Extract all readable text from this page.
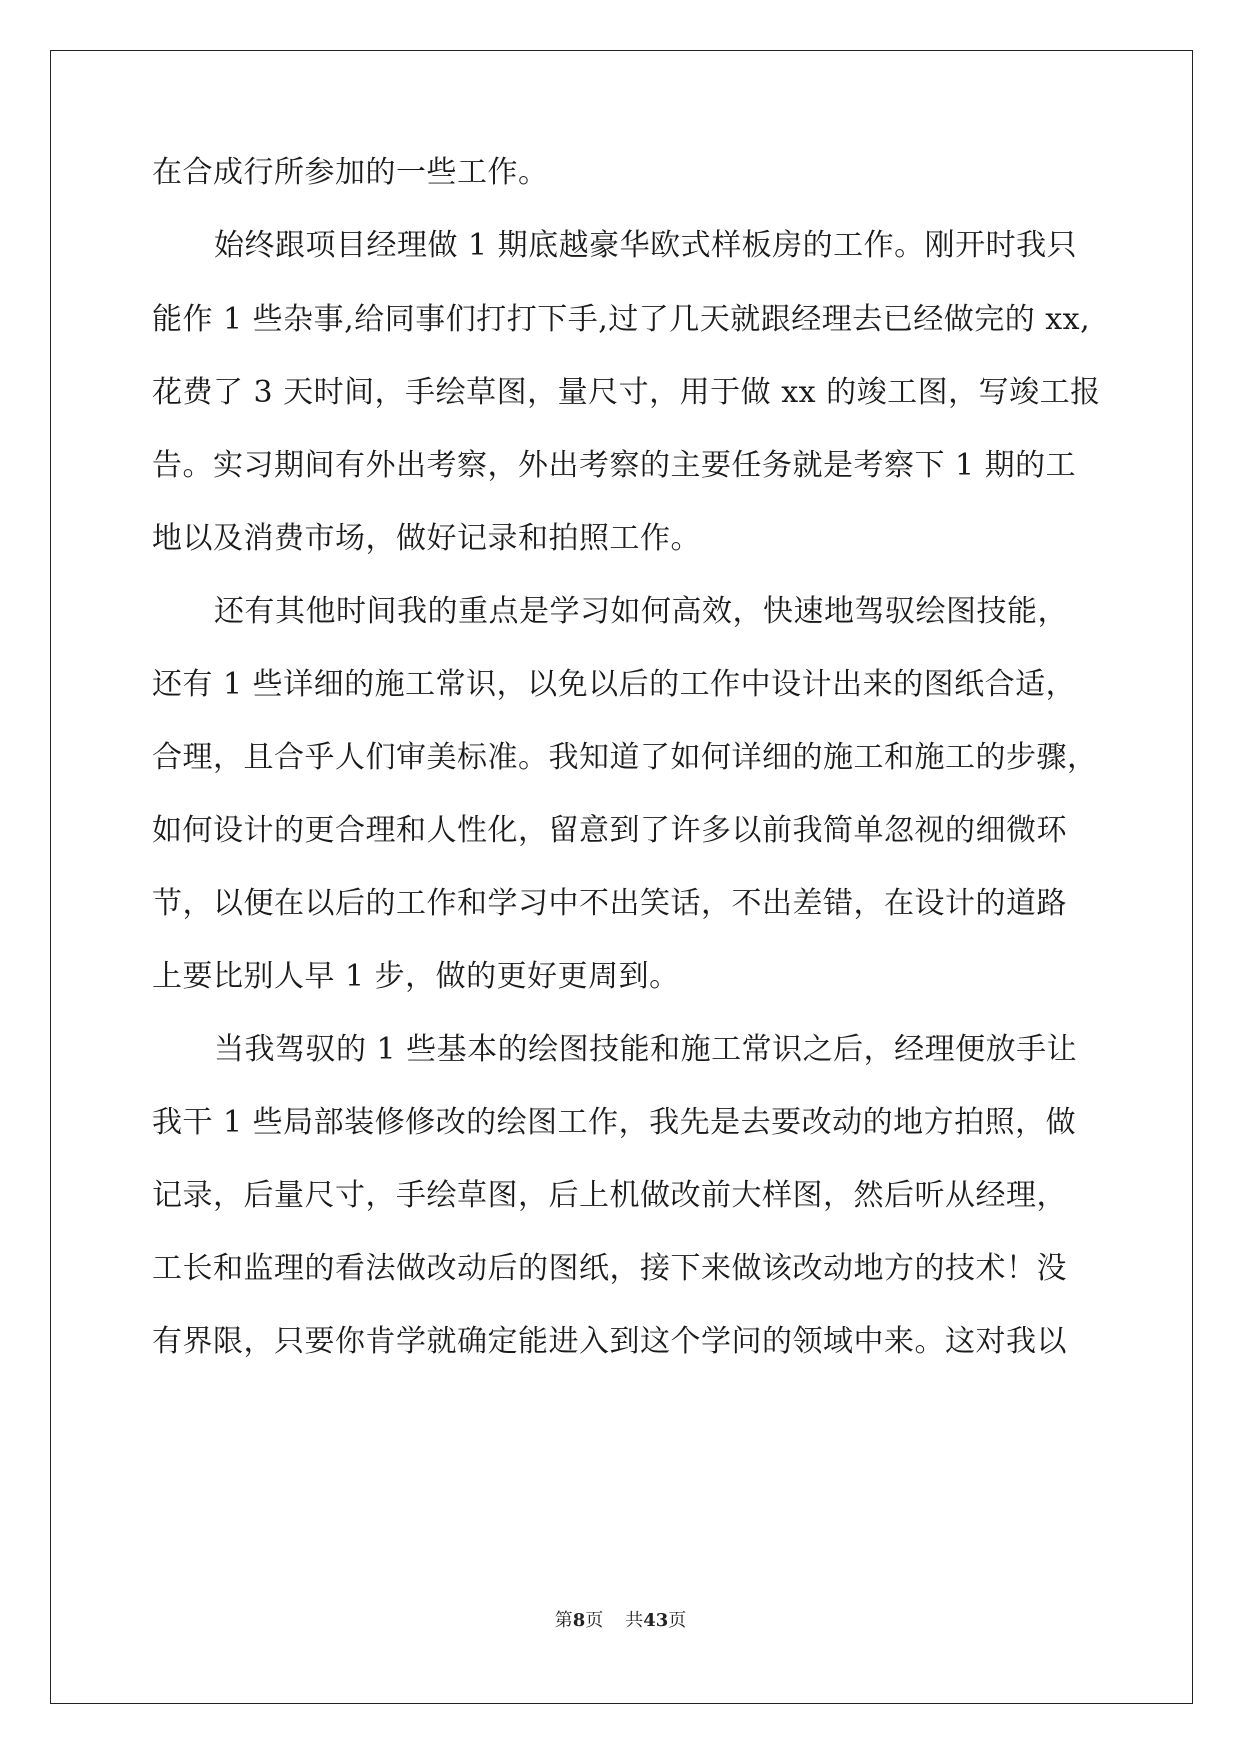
在合成行所参加的一些工作。
始终跟项目经理做 1 期底越豪华欧式样板房的工作。刚开时我只
能作 1 些杂事,给同事们打打下手,过了几天就跟经理去已经做完的 xx,
花费了 3 天时间，手绘草图，量尺寸，用于做 xx 的竣工图，写竣工报
告。实习期间有外出考察，外出考察的主要任务就是考察下 1 期的工
地以及消费市场，做好记录和拍照工作。
还有其他时间我的重点是学习如何高效，快速地驾驭绘图技能，
还有 1 些详细的施工常识，以免以后的工作中设计出来的图纸合适，
合理，且合乎人们审美标准。我知道了如何详细的施工和施工的步骤，
如何设计的更合理和人性化，留意到了许多以前我简单忽视的细微环
节，以便在以后的工作和学习中不出笑话，不出差错，在设计的道路
上要比别人早 1 步，做的更好更周到。
当我驾驭的 1 些基本的绘图技能和施工常识之后，经理便放手让
我干 1 些局部装修修改的绘图工作，我先是去要改动的地方拍照，做
记录，后量尺寸，手绘草图，后上机做改前大样图，然后听从经理，
工长和监理的看法做改动后的图纸，接下来做该改动地方的技术！没
有界限，只要你肯学就确定能进入到这个学问的领域中来。这对我以
第8页 共43页
